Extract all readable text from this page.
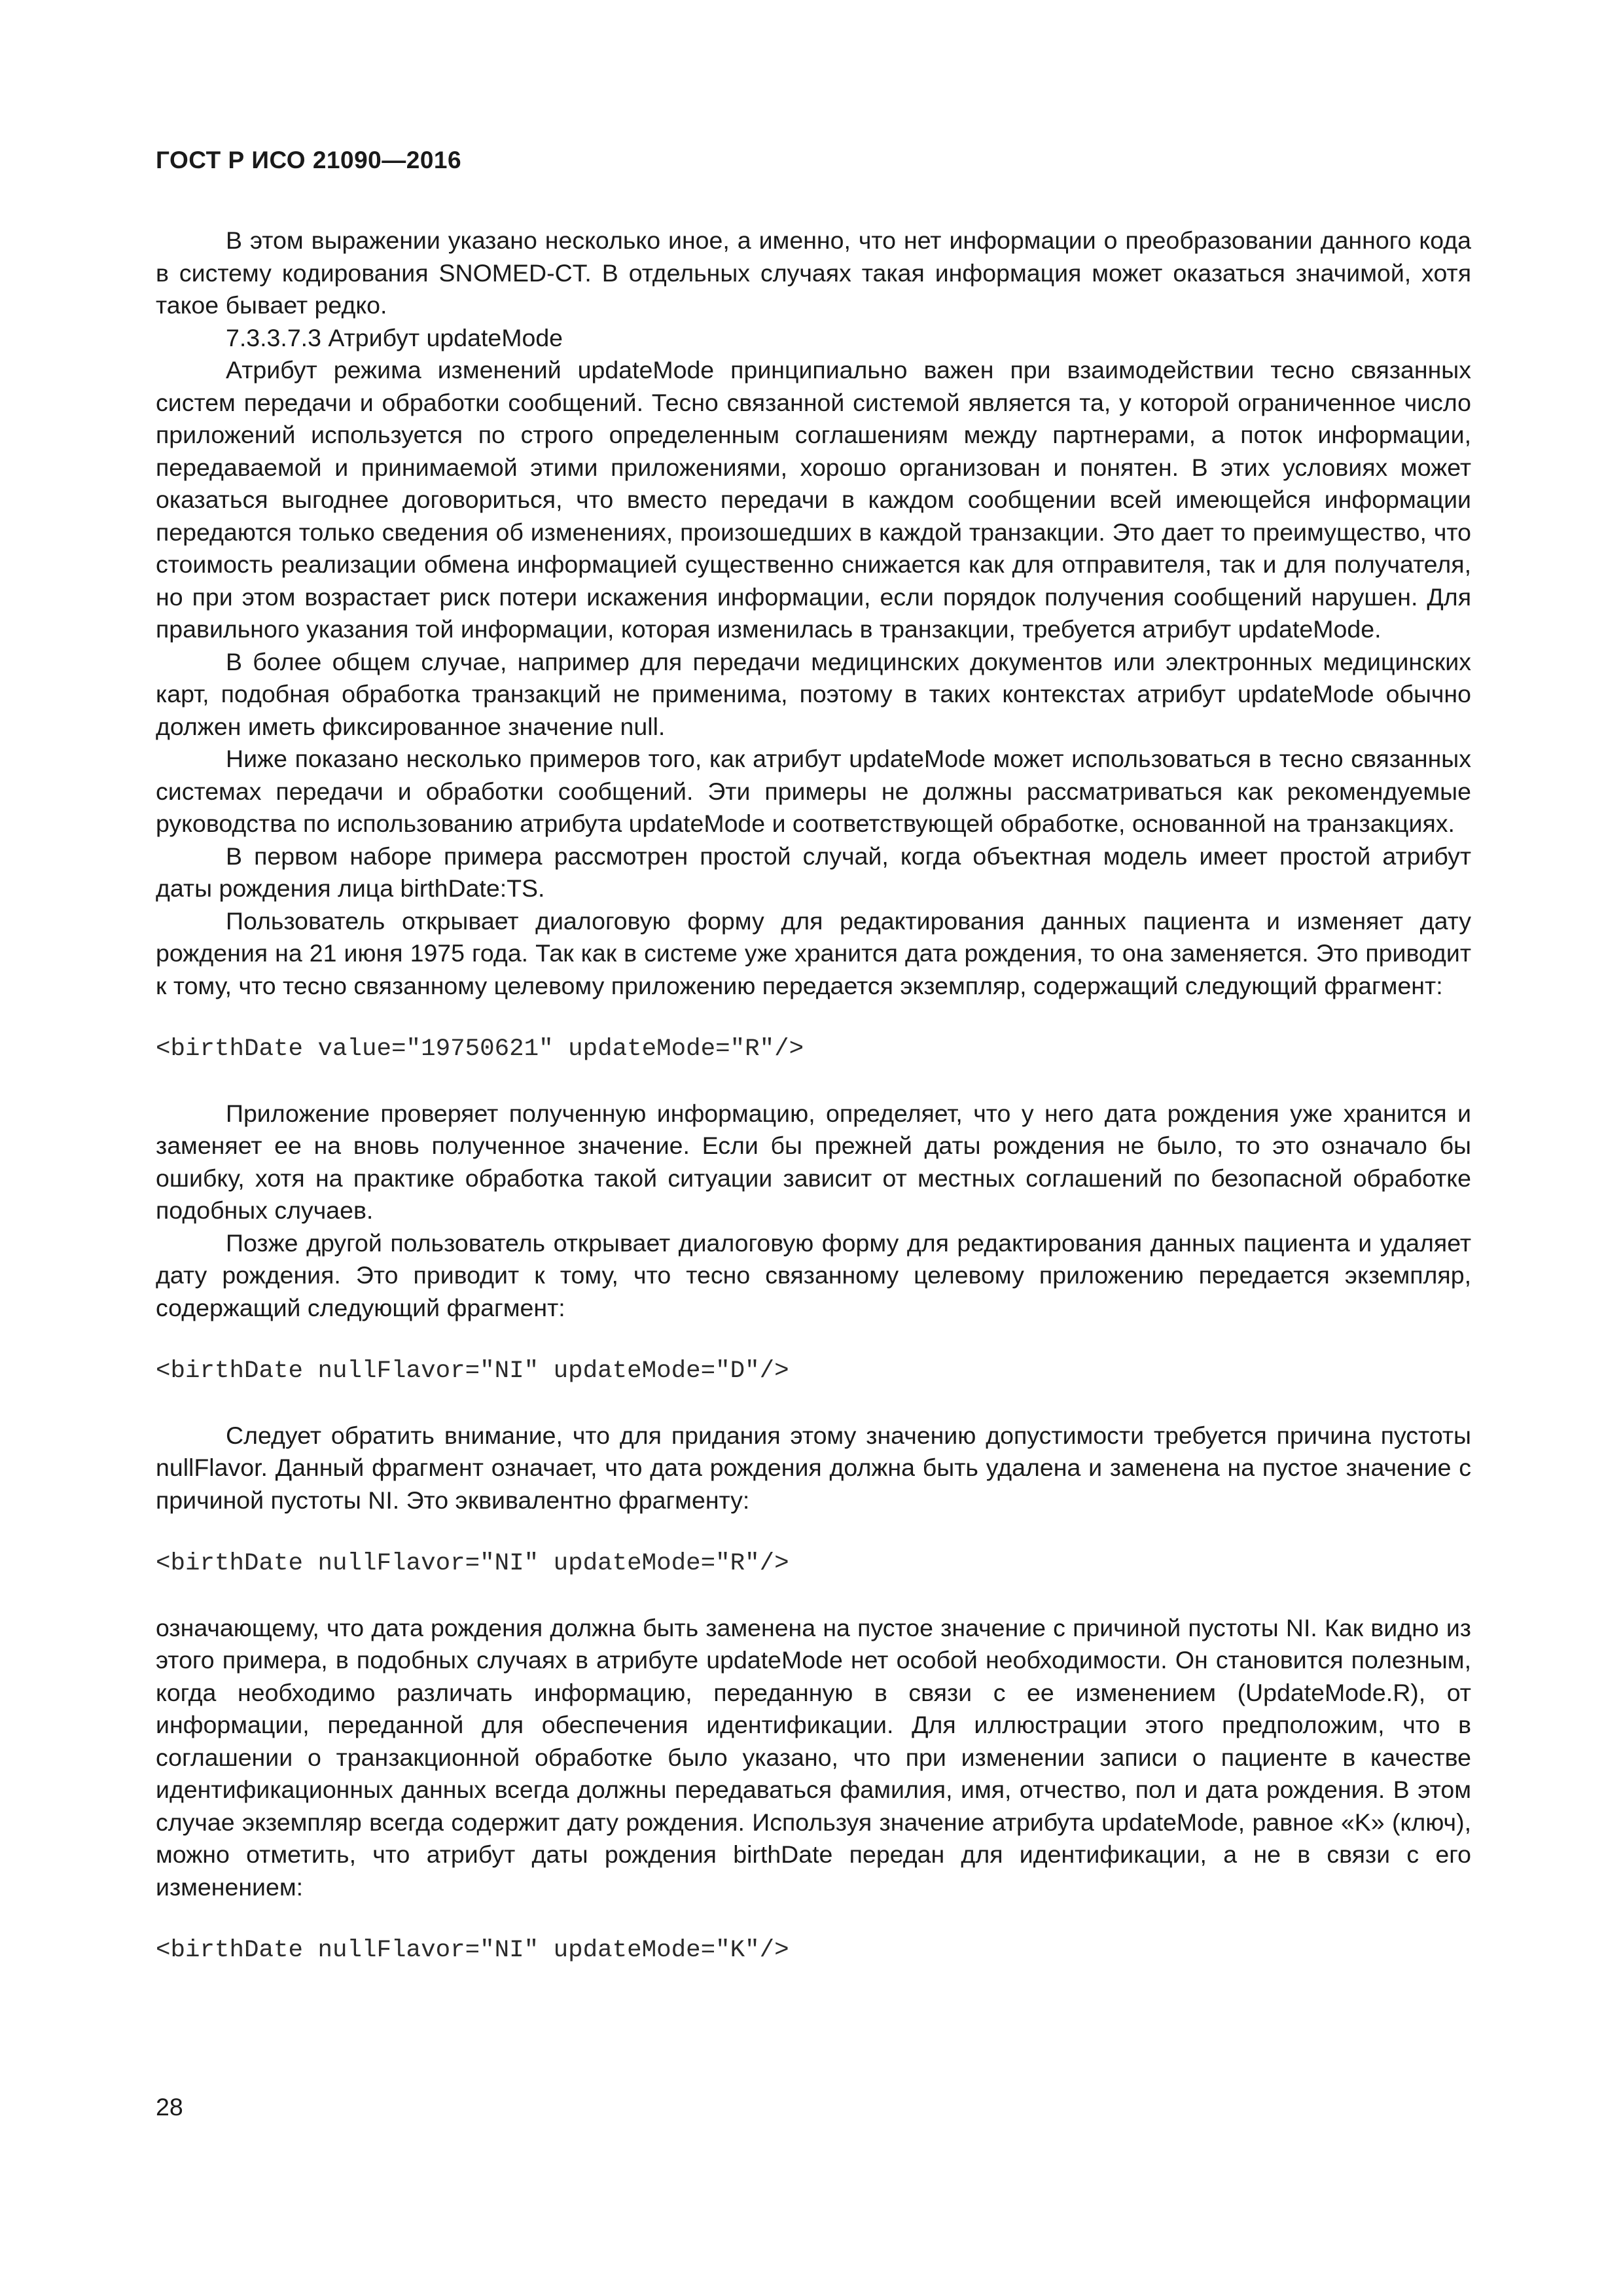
ГОСТ Р ИСО 21090—2016

В этом выражении указано несколько иное, а именно, что нет информации о преобразовании данного кода в систему кодирования SNOMED-CT. В отдельных случаях такая информация может оказаться значимой, хотя такое бывает редко.

7.3.3.7.3 Атрибут updateMode

Атрибут режима изменений updateMode принципиально важен при взаимодействии тесно связанных систем передачи и обработки сообщений. Тесно связанной системой является та, у которой ограниченное число приложений используется по строго определенным соглашениям между партнерами, а поток информации, передаваемой и принимаемой этими приложениями, хорошо организован и понятен. В этих условиях может оказаться выгоднее договориться, что вместо передачи в каждом сообщении всей имеющейся информации передаются только сведения об изменениях, произошедших в каждой транзакции. Это дает то преимущество, что стоимость реализации обмена информацией существенно снижается как для отправителя, так и для получателя, но при этом возрастает риск потери искажения информации, если порядок получения сообщений нарушен. Для правильного указания той информации, которая изменилась в транзакции, требуется атрибут updateMode.

В более общем случае, например для передачи медицинских документов или электронных медицинских карт, подобная обработка транзакций не применима, поэтому в таких контекстах атрибут updateMode обычно должен иметь фиксированное значение null.

Ниже показано несколько примеров того, как атрибут updateMode может использоваться в тесно связанных системах передачи и обработки сообщений. Эти примеры не должны рассматриваться как рекомендуемые руководства по использованию атрибута updateMode и соответствующей обработке, основанной на транзакциях.

В первом наборе примера рассмотрен простой случай, когда объектная модель имеет простой атрибут даты рождения лица birthDate:TS.

Пользователь открывает диалоговую форму для редактирования данных пациента и изменяет дату рождения на 21 июня 1975 года. Так как в системе уже хранится дата рождения, то она заменяется. Это приводит к тому, что тесно связанному целевому приложению передается экземпляр, содержащий следующий фрагмент:

<birthDate value="19750621" updateMode="R"/>

Приложение проверяет полученную информацию, определяет, что у него дата рождения уже хранится и заменяет ее на вновь полученное значение. Если бы прежней даты рождения не было, то это означало бы ошибку, хотя на практике обработка такой ситуации зависит от местных соглашений по безопасной обработке подобных случаев.

Позже другой пользователь открывает диалоговую форму для редактирования данных пациента и удаляет дату рождения. Это приводит к тому, что тесно связанному целевому приложению передается экземпляр, содержащий следующий фрагмент:

<birthDate nullFlavor="NI" updateMode="D"/>

Следует обратить внимание, что для придания этому значению допустимости требуется причина пустоты nullFlavor. Данный фрагмент означает, что дата рождения должна быть удалена и заменена на пустое значение с причиной пустоты NI. Это эквивалентно фрагменту:

<birthDate nullFlavor="NI" updateMode="R"/>

означающему, что дата рождения должна быть заменена на пустое значение с причиной пустоты NI. Как видно из этого примера, в подобных случаях в атрибуте updateMode нет особой необходимости. Он становится полезным, когда необходимо различать информацию, переданную в связи с ее изменением (UpdateMode.R), от информации, переданной для обеспечения идентификации. Для иллюстрации этого предположим, что в соглашении о транзакционной обработке было указано, что при изменении записи о пациенте в качестве идентификационных данных всегда должны передаваться фамилия, имя, отчество, пол и дата рождения. В этом случае экземпляр всегда содержит дату рождения. Используя значение атрибута updateMode, равное «K» (ключ), можно отметить, что атрибут даты рождения birthDate передан для идентификации, а не в связи с его изменением:

<birthDate nullFlavor="NI" updateMode="K"/>
28
